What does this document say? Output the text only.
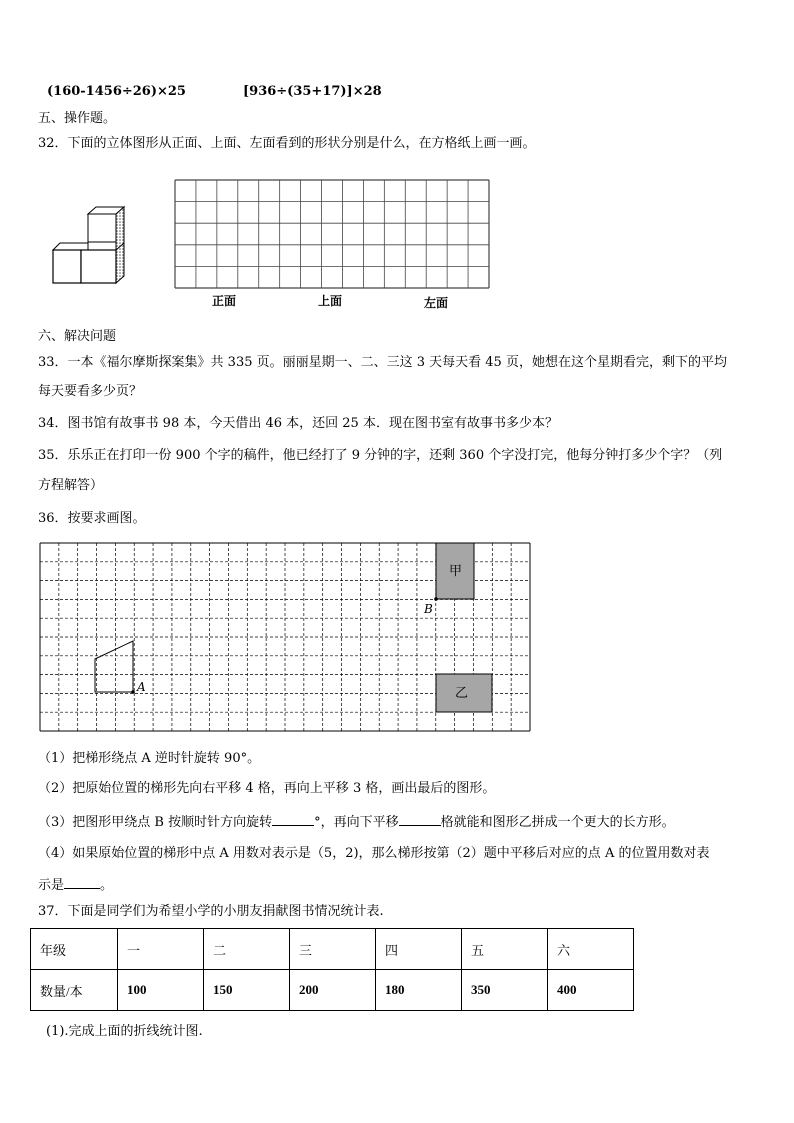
(160-1456÷26)×25	[936÷(35+17)]×28
五、操作题。
32．下面的立体图形从正面、上面、左面看到的形状分别是什么，在方格纸上画一画。
正面	上面	左面
六、解决问题
33．一本《福尔摩斯探案集》共 335 页。丽丽星期一、二、三这 3 天每天看 45 页，她想在这个星期看完，剩下的平均
每天要看多少页？
34．图书馆有故事书 98 本，今天借出 46 本，还回 25 本．现在图书室有故事书多少本？
35．乐乐正在打印一份 900 个字的稿件，他已经打了 9 分钟的字，还剩 360 个字没打完，他每分钟打多少个字？（列
方程解答）
36．按要求画图。
甲
乙
A
B
（1）把梯形绕点 A 逆时针旋转 90°。
（2）把原始位置的梯形先向右平移 4 格，再向上平移 3 格，画出最后的图形。
（3）把图形甲绕点 B 按顺时针方向旋转	°，再向下平移	格就能和图形乙拼成一个更大的长方形。
（4）如果原始位置的梯形中点 A 用数对表示是（5，2)，那么梯形按第（2）题中平移后对应的点 A 的位置用数对表
示是	。
37．下面是同学们为希望小学的小朋友捐献图书情况统计表.
年级	一	二	三	四	五	六
数量/本	100	150	200	180	350	400
(1).完成上面的折线统计图.
